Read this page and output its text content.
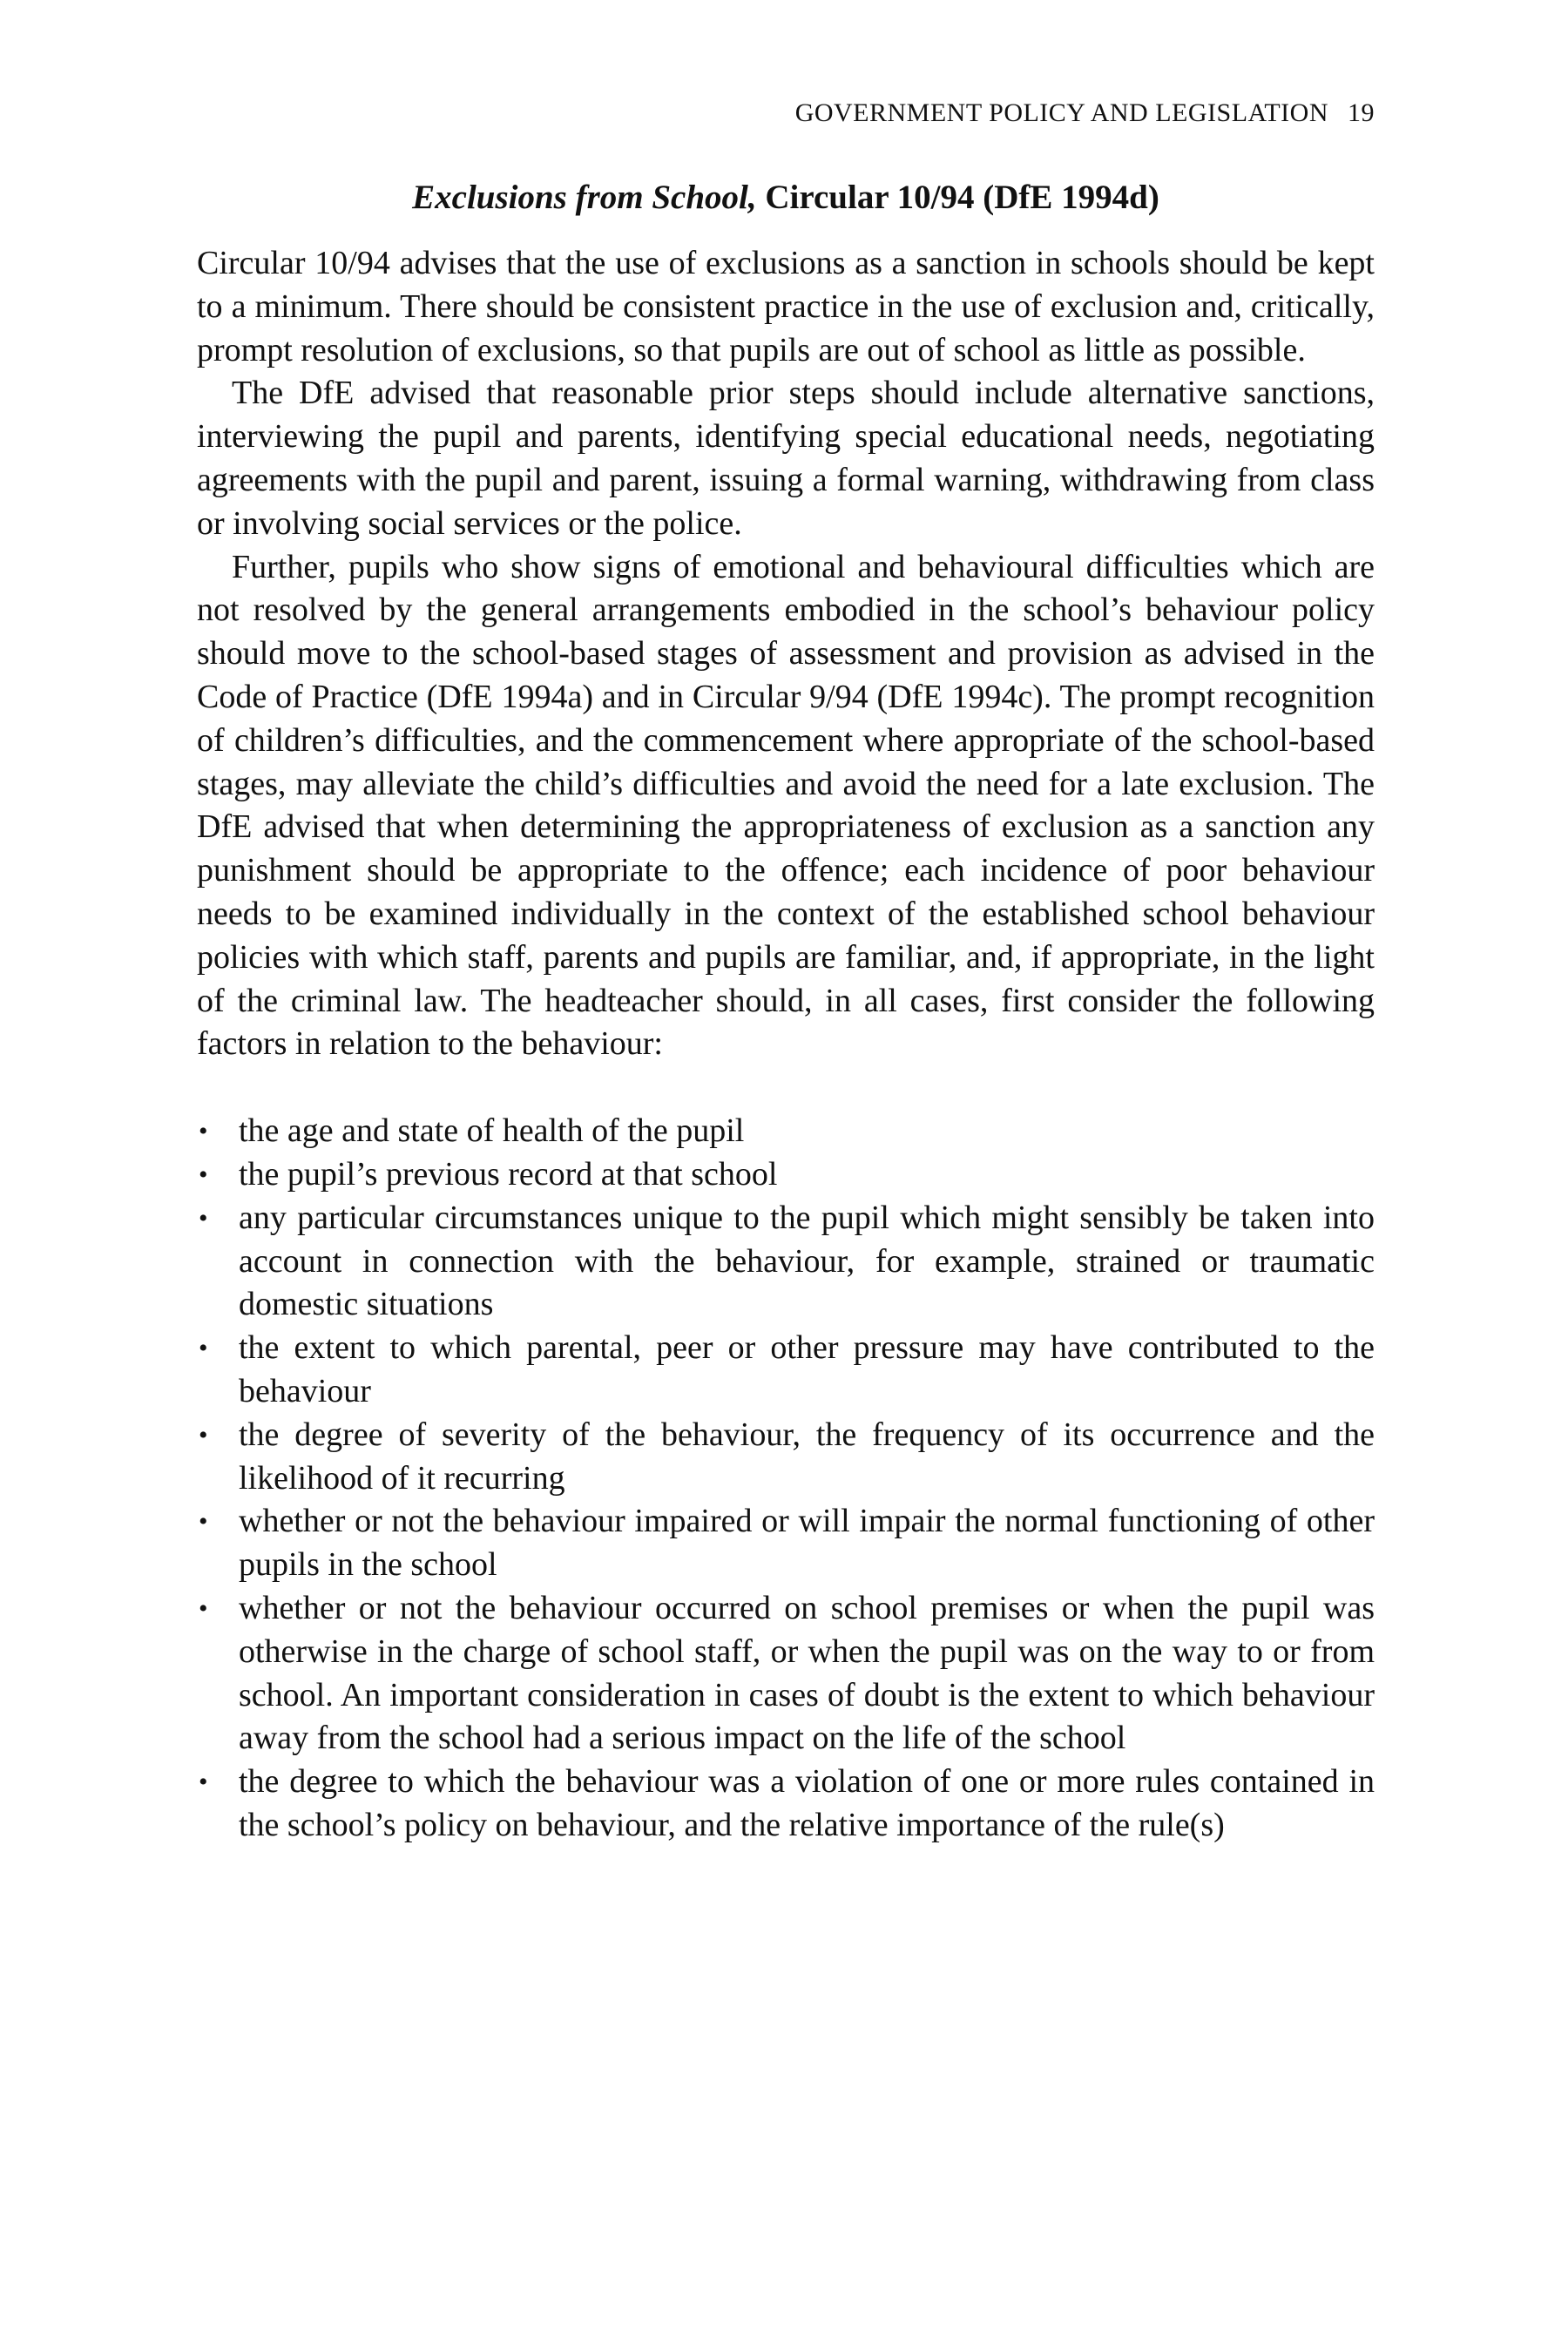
GOVERNMENT POLICY AND LEGISLATION 19
Exclusions from School, Circular 10/94 (DfE 1994d)

Circular 10/94 advises that the use of exclusions as a sanction in schools should be kept to a minimum. There should be consistent practice in the use of exclusion and, critically, prompt resolution of exclusions, so that pupils are out of school as little as possible.

The DfE advised that reasonable prior steps should include alternative sanctions, interviewing the pupil and parents, identifying special educational needs, negotiating agreements with the pupil and parent, issuing a formal warning, withdrawing from class or involving social services or the police.

Further, pupils who show signs of emotional and behavioural difficulties which are not resolved by the general arrangements embodied in the school’s behaviour policy should move to the school-based stages of assessment and provision as advised in the Code of Practice (DfE 1994a) and in Circular 9/94 (DfE 1994c). The prompt recognition of children’s difficulties, and the commencement where appropriate of the school-based stages, may alleviate the child’s difficulties and avoid the need for a late exclusion. The DfE advised that when determining the appropriateness of exclusion as a sanction any punishment should be appropriate to the offence; each incidence of poor behaviour needs to be examined individually in the context of the established school behaviour policies with which staff, parents and pupils are familiar, and, if appropriate, in the light of the criminal law. The headteacher should, in all cases, first consider the following factors in relation to the behaviour:

• the age and state of health of the pupil
• the pupil’s previous record at that school
• any particular circumstances unique to the pupil which might sensibly be taken into account in connection with the behaviour, for example, strained or traumatic domestic situations
• the extent to which parental, peer or other pressure may have contributed to the behaviour
• the degree of severity of the behaviour, the frequency of its occurrence and the likelihood of it recurring
• whether or not the behaviour impaired or will impair the normal functioning of other pupils in the school
• whether or not the behaviour occurred on school premises or when the pupil was otherwise in the charge of school staff, or when the pupil was on the way to or from school. An important consideration in cases of doubt is the extent to which behaviour away from the school had a serious impact on the life of the school
• the degree to which the behaviour was a violation of one or more rules contained in the school’s policy on behaviour, and the relative importance of the rule(s)
